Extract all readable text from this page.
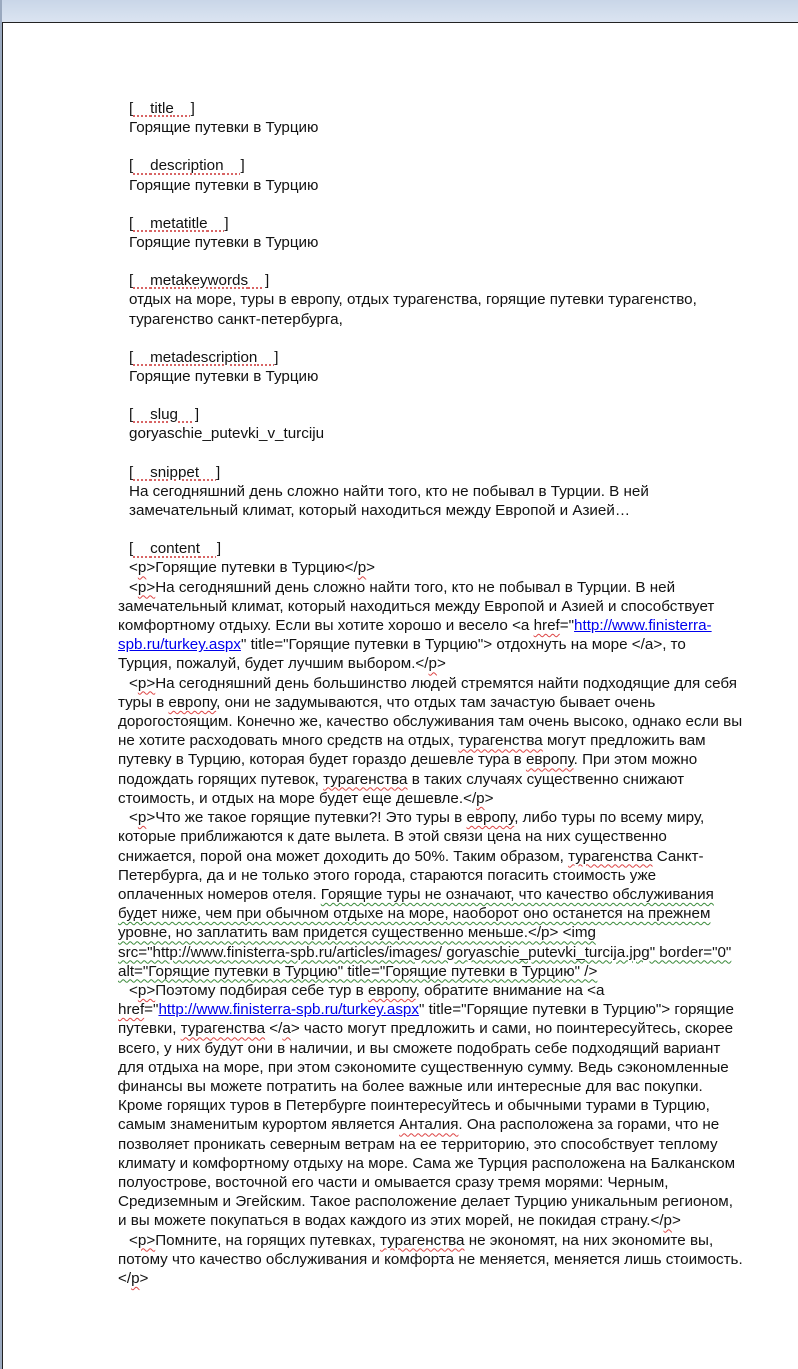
[ title ]
Горящие путевки в Турцию
[ description ]
Горящие путевки в Турцию
[ metatitle ]
Горящие путевки в Турцию
[ metakeywords ]
отдых на море, туры в европу, отдых турагенства, горящие путевки турагенство, турагенство санкт-петербурга,
[ metadescription ]
Горящие путевки в Турцию
[ slug ]
goryaschie_putevki_v_turciju
[ snippet ]
На сегодняшний день сложно найти того, кто не побывал в Турции. В ней замечательный климат, который находиться между Европой и Азией…
[ content ]

<p>Горящие путевки в Турцию</p>

<p>На сегодняшний день сложно найти того, кто не побывал в Турции. В ней замечательный климат, который находиться между Европой и Азией и способствует комфортному отдыху. Если вы хотите хорошо и весело <a href="http://www.finisterra-spb.ru/turkey.aspx" title="Горящие путевки в Турцию"> отдохнуть на море </a>, то Турция, пожалуй, будет лучшим выбором.</p>

<p>На сегодняшний день большинство людей стремятся найти подходящие для себя туры в европу, они не задумываются, что отдых там зачастую бывает очень дорогостоящим. Конечно же, качество обслуживания там очень высоко, однако если вы не хотите расходовать много средств на отдых, турагенства могут предложить вам путевку в Турцию, которая будет гораздо дешевле тура в европу. При этом можно подождать горящих путевок, турагенства в таких случаях существенно снижают стоимость, и отдых на море будет еще дешевле.</p>

<p>Что же такое горящие путевки?! Это туры в европу, либо туры по всему миру, которые приближаются к дате вылета. В этой связи цена на них существенно снижается, порой она может доходить до 50%. Таким образом, турагенства Санкт-Петербурга, да и не только этого города, стараются погасить стоимость уже оплаченных номеров отеля. Горящие туры не означают, что качество обслуживания будет ниже, чем при обычном отдыхе на море, наоборот оно останется на прежнем уровне, но заплатить вам придется существенно меньше.</p> <img src="http://www.finisterra-spb.ru/articles/images/ goryaschie_putevki_turcija.jpg" border="0" alt="Горящие путевки в Турцию" title="Горящие путевки в Турцию" />

<p>Поэтому подбирая себе тур в европу, обратите внимание на <a href="http://www.finisterra-spb.ru/turkey.aspx" title="Горящие путевки в Турцию"> горящие путевки, турагенства </a> часто могут предложить и сами, но поинтересуйтесь, скорее всего, у них будут они в наличии, и вы сможете подобрать себе подходящий вариант для отдыха на море, при этом сэкономите существенную сумму. Ведь сэкономленные финансы вы можете потратить на более важные или интересные для вас покупки. Кроме горящих туров в Петербурге поинтересуйтесь и обычными турами в Турцию, самым знаменитым курортом является Анталия. Она расположена за горами, что не позволяет проникать северным ветрам на ее территорию, это способствует теплому климату и комфортному отдыху на море. Сама же Турция расположена на Балканском полуострове, восточной его части и омывается сразу тремя морями: Черным, Средиземным и Эгейским. Такое расположение делает Турцию уникальным регионом, и вы можете покупаться в водах каждого из этих морей, не покидая страну.</p>

<p>Помните, на горящих путевках, турагенства не экономят, на них экономите вы, потому что качество обслуживания и комфорта не меняется, меняется лишь стоимость.</p>
